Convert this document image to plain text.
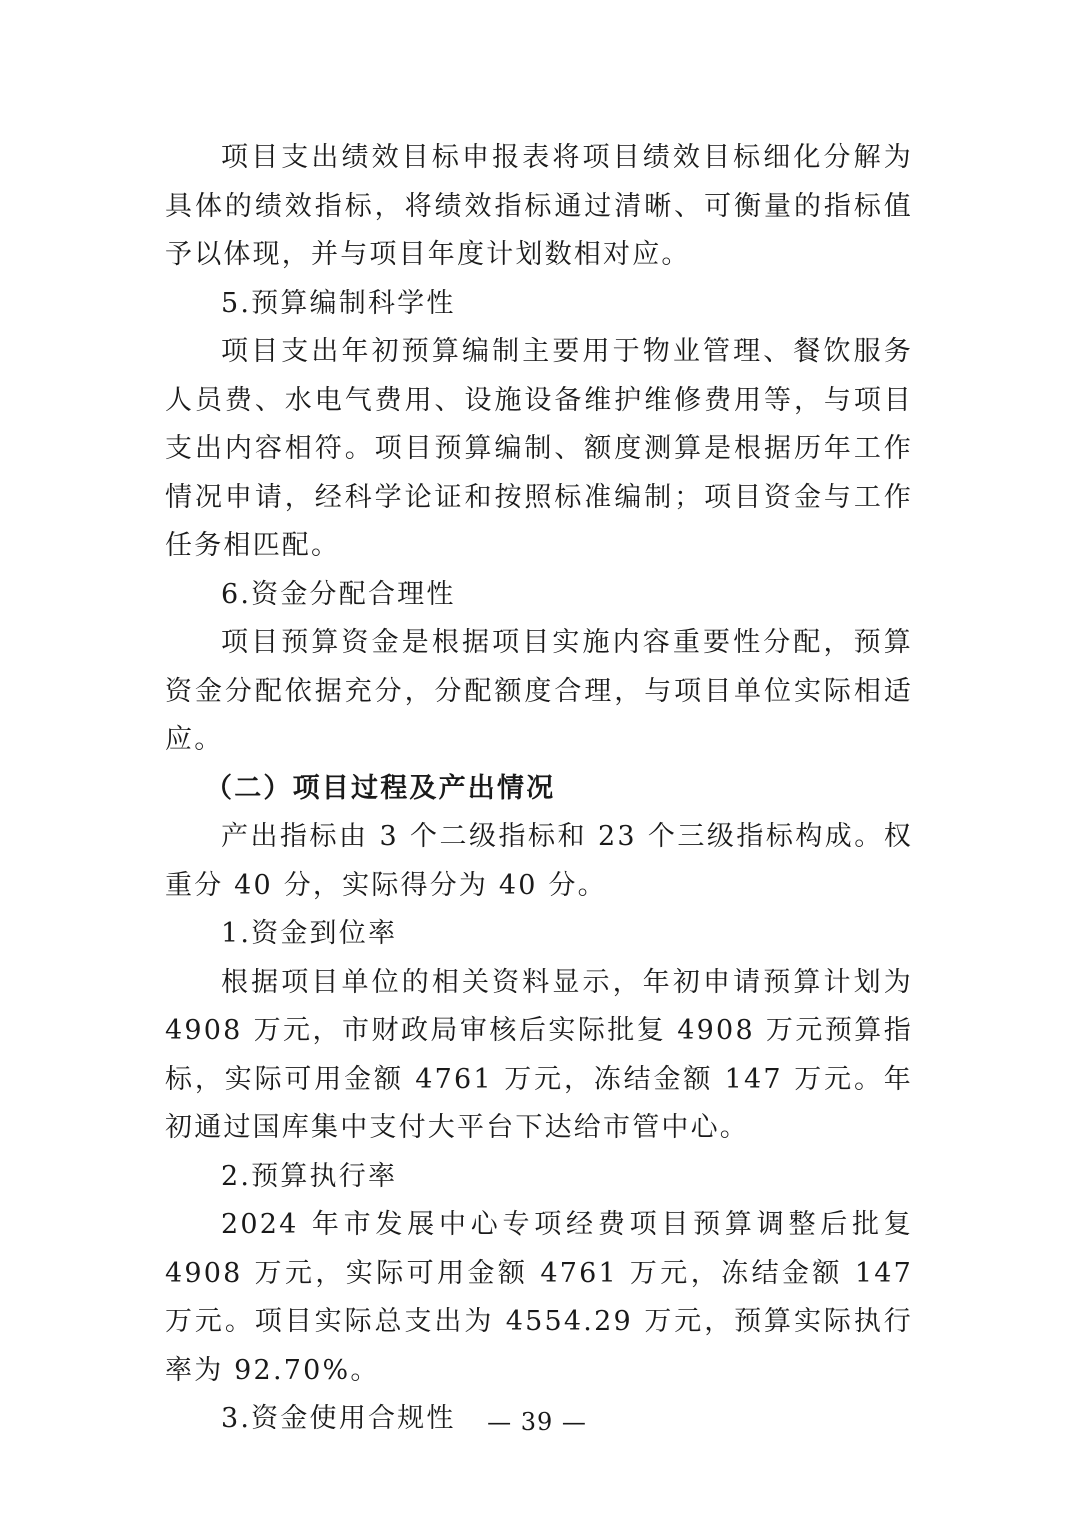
项目支出绩效目标申报表将项目绩效目标细化分解为具体的绩效指标，将绩效指标通过清晰、可衡量的指标值予以体现，并与项目年度计划数相对应。

5.预算编制科学性

项目支出年初预算编制主要用于物业管理、餐饮服务人员费、水电气费用、设施设备维护维修费用等，与项目支出内容相符。项目预算编制、额度测算是根据历年工作情况申请，经科学论证和按照标准编制；项目资金与工作任务相匹配。

6.资金分配合理性

项目预算资金是根据项目实施内容重要性分配，预算资金分配依据充分，分配额度合理，与项目单位实际相适应。

（二）项目过程及产出情况

产出指标由 3 个二级指标和 23 个三级指标构成。权重分 40 分，实际得分为 40 分。

1.资金到位率

根据项目单位的相关资料显示，年初申请预算计划为 4908 万元，市财政局审核后实际批复 4908 万元预算指标，实际可用金额 4761 万元，冻结金额 147 万元。年初通过国库集中支付大平台下达给市管中心。

2.预算执行率

2024 年市发展中心专项经费项目预算调整后批复 4908 万元，实际可用金额 4761 万元，冻结金额 147 万元。项目实际总支出为 4554.29 万元，预算实际执行率为 92.70%。

3.资金使用合规性	— 39 —
